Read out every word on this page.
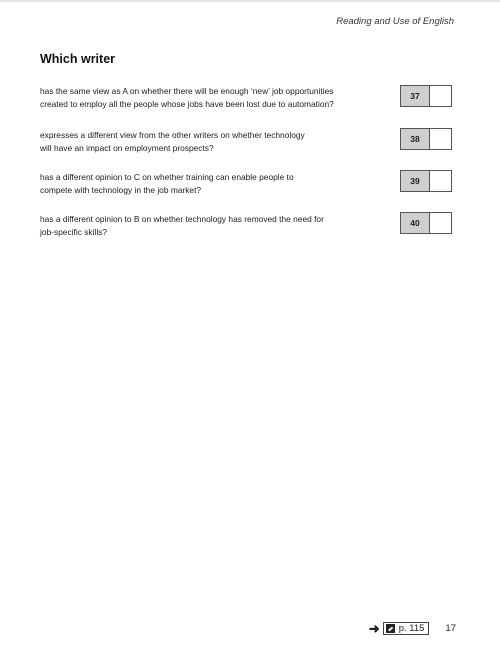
Reading and Use of English
Which writer
has the same view as A on whether there will be enough ‘new’ job opportunities
created to employ all the people whose jobs have been lost due to automation?
37
expresses a different view from the other writers on whether technology
will have an impact on employment prospects?
38
has a different opinion to C on whether training can enable people to
compete with technology in the job market?
39
has a different opinion to B on whether technology has removed the need for
job-specific skills?
40
➜ p. 115 17
